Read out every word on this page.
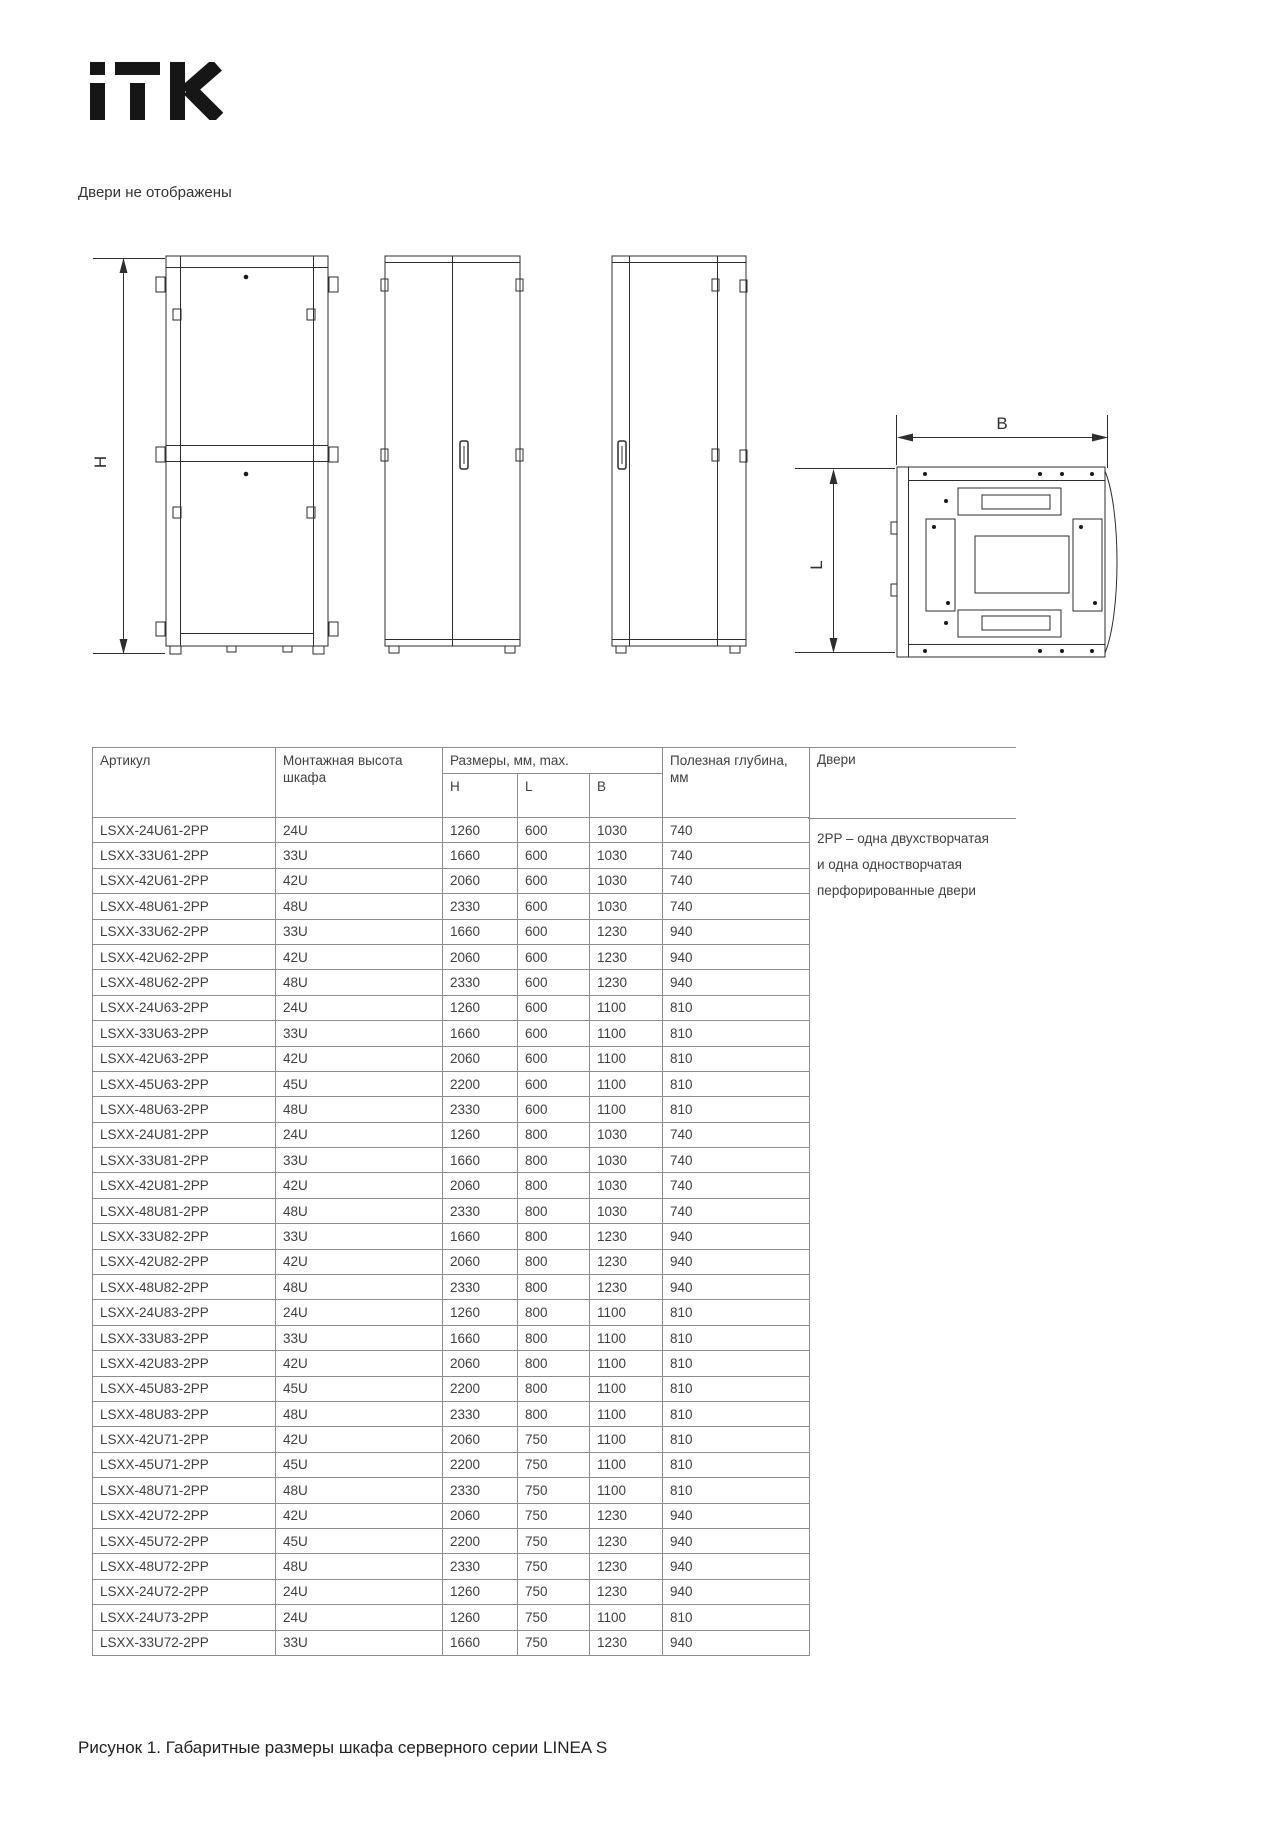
Двери не отображены
H
B
L
Артикул	Монтажная высота шкафа	Размеры, мм, max.			Полезная глубина, мм
		H	L	B	
LSXX-24U61-2PP	24U	1260	600	1030	740
LSXX-33U61-2PP	33U	1660	600	1030	740
LSXX-42U61-2PP	42U	2060	600	1030	740
LSXX-48U61-2PP	48U	2330	600	1030	740
LSXX-33U62-2PP	33U	1660	600	1230	940
LSXX-42U62-2PP	42U	2060	600	1230	940
LSXX-48U62-2PP	48U	2330	600	1230	940
LSXX-24U63-2PP	24U	1260	600	1100	810
LSXX-33U63-2PP	33U	1660	600	1100	810
LSXX-42U63-2PP	42U	2060	600	1100	810
LSXX-45U63-2PP	45U	2200	600	1100	810
LSXX-48U63-2PP	48U	2330	600	1100	810
LSXX-24U81-2PP	24U	1260	800	1030	740
LSXX-33U81-2PP	33U	1660	800	1030	740
LSXX-42U81-2PP	42U	2060	800	1030	740
LSXX-48U81-2PP	48U	2330	800	1030	740
LSXX-33U82-2PP	33U	1660	800	1230	940
LSXX-42U82-2PP	42U	2060	800	1230	940
LSXX-48U82-2PP	48U	2330	800	1230	940
LSXX-24U83-2PP	24U	1260	800	1100	810
LSXX-33U83-2PP	33U	1660	800	1100	810
LSXX-42U83-2PP	42U	2060	800	1100	810
LSXX-45U83-2PP	45U	2200	800	1100	810
LSXX-48U83-2PP	48U	2330	800	1100	810
LSXX-42U71-2PP	42U	2060	750	1100	810
LSXX-45U71-2PP	45U	2200	750	1100	810
LSXX-48U71-2PP	48U	2330	750	1100	810
LSXX-42U72-2PP	42U	2060	750	1230	940
LSXX-45U72-2PP	45U	2200	750	1230	940
LSXX-48U72-2PP	48U	2330	750	1230	940
LSXX-24U72-2PP	24U	1260	750	1230	940
LSXX-24U73-2PP	24U	1260	750	1100	810
LSXX-33U72-2PP	33U	1660	750	1230	940
Двери
2PP – одна двухстворчатая
и одна одностворчатая
перфорированные двери
Рисунок 1. Габаритные размеры шкафа серверного серии LINEA S
